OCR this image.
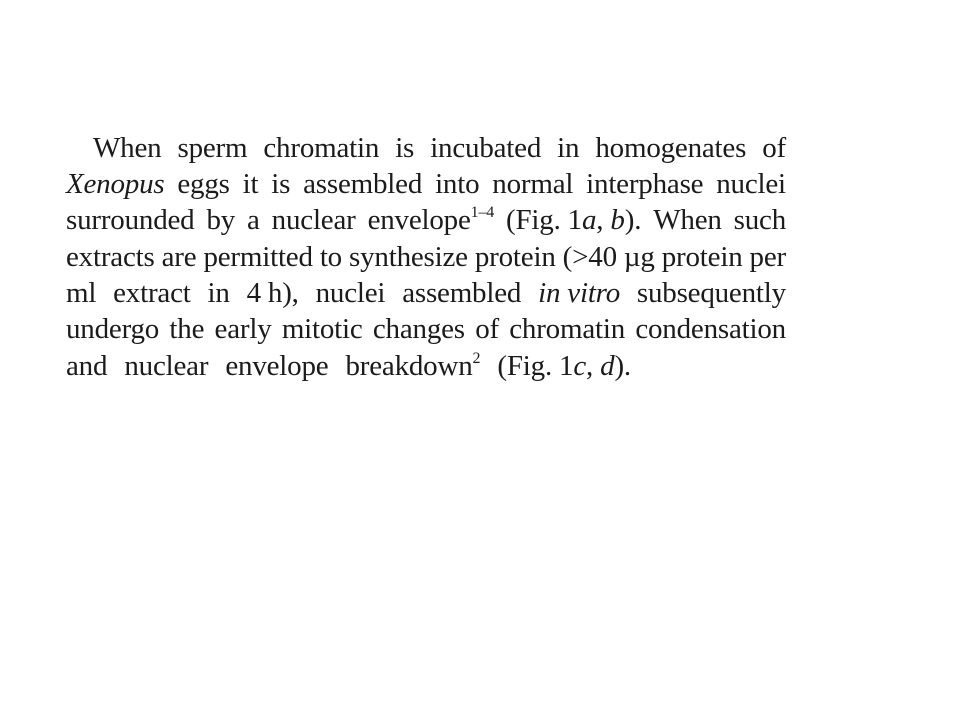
When sperm chromatin is incubated in homogenates of
Xenopus eggs it is assembled into normal interphase nuclei
surrounded by a nuclear envelope$^{1-4}$ (Fig. 1a, b). When such
extracts are permitted to synthesize protein (>40 µg protein per
ml extract in 4 h), nuclei assembled in vitro subsequently
undergo the early mitotic changes of chromatin condensation
and nuclear envelope breakdown$^2$ (Fig. 1c, d).
